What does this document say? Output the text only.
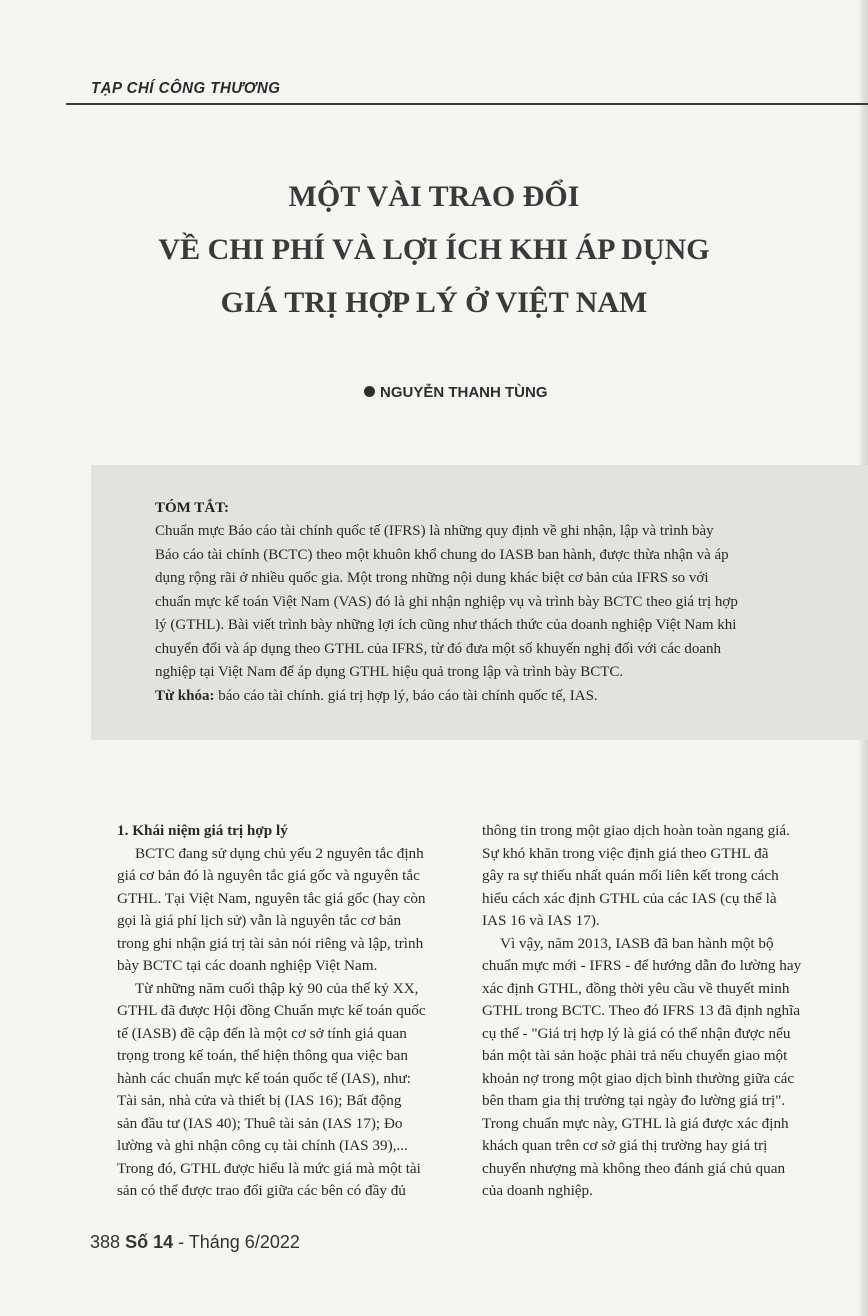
TẠP CHÍ CÔNG THƯƠNG
MỘT VÀI TRAO ĐỔI
VỀ CHI PHÍ VÀ LỢI ÍCH KHI ÁP DỤNG
GIÁ TRỊ HỢP LÝ Ở VIỆT NAM
NGUYỄN THANH TÙNG
TÓM TẮT:
Chuẩn mực Báo cáo tài chính quốc tế (IFRS) là những quy định về ghi nhận, lập và trình bày
Báo cáo tài chính (BCTC) theo một khuôn khổ chung do IASB ban hành, được thừa nhận và áp
dụng rộng rãi ở nhiều quốc gia. Một trong những nội dung khác biệt cơ bản của IFRS so với
chuẩn mực kế toán Việt Nam (VAS) đó là ghi nhận nghiệp vụ và trình bày BCTC theo giá trị hợp
lý (GTHL). Bài viết trình bày những lợi ích cũng như thách thức của doanh nghiệp Việt Nam khi
chuyển đổi và áp dụng theo GTHL của IFRS, từ đó đưa một số khuyến nghị đối với các doanh
nghiệp tại Việt Nam để áp dụng GTHL hiệu quả trong lập và trình bày BCTC.
Từ khóa: báo cáo tài chính. giá trị hợp lý, báo cáo tài chính quốc tế, IAS.
1. Khái niệm giá trị hợp lý
BCTC đang sử dụng chủ yếu 2 nguyên tắc định
giá cơ bản đó là nguyên tắc giá gốc và nguyên tắc
GTHL. Tại Việt Nam, nguyên tắc giá gốc (hay còn
gọi là giá phí lịch sử) vẫn là nguyên tắc cơ bản
trong ghi nhận giá trị tài sản nói riêng và lập, trình
bày BCTC tại các doanh nghiệp Việt Nam.
Từ những năm cuối thập kỷ 90 của thế kỷ XX,
GTHL đã được Hội đồng Chuẩn mực kế toán quốc
tế (IASB) đề cập đến là một cơ sở tính giá quan
trọng trong kế toán, thể hiện thông qua việc ban
hành các chuẩn mực kế toán quốc tế (IAS), như:
Tài sản, nhà cửa và thiết bị (IAS 16); Bất động
sản đầu tư (IAS 40); Thuê tài sản (IAS 17); Đo
lường và ghi nhận công cụ tài chính (IAS 39),...
Trong đó, GTHL được hiểu là mức giá mà một tài
sản có thể được trao đổi giữa các bên có đầy đủ
thông tin trong một giao dịch hoàn toàn ngang giá.
Sự khó khăn trong việc định giá theo GTHL đã
gây ra sự thiếu nhất quán mối liên kết trong cách
hiểu cách xác định GTHL của các IAS (cụ thể là
IAS 16 và IAS 17).
Vì vậy, năm 2013, IASB đã ban hành một bộ
chuẩn mực mới - IFRS - để hướng dẫn đo lường hay
xác định GTHL, đồng thời yêu cầu về thuyết minh
GTHL trong BCTC. Theo đó IFRS 13 đã định nghĩa
cụ thể - "Giá trị hợp lý là giá có thể nhận được nếu
bán một tài sản hoặc phải trả nếu chuyển giao một
khoản nợ trong một giao dịch bình thường giữa các
bên tham gia thị trường tại ngày đo lường giá trị".
Trong chuẩn mực này, GTHL là giá được xác định
khách quan trên cơ sở giá thị trường hay giá trị
chuyển nhượng mà không theo đánh giá chủ quan
của doanh nghiệp.
388 Số 14 - Tháng 6/2022
